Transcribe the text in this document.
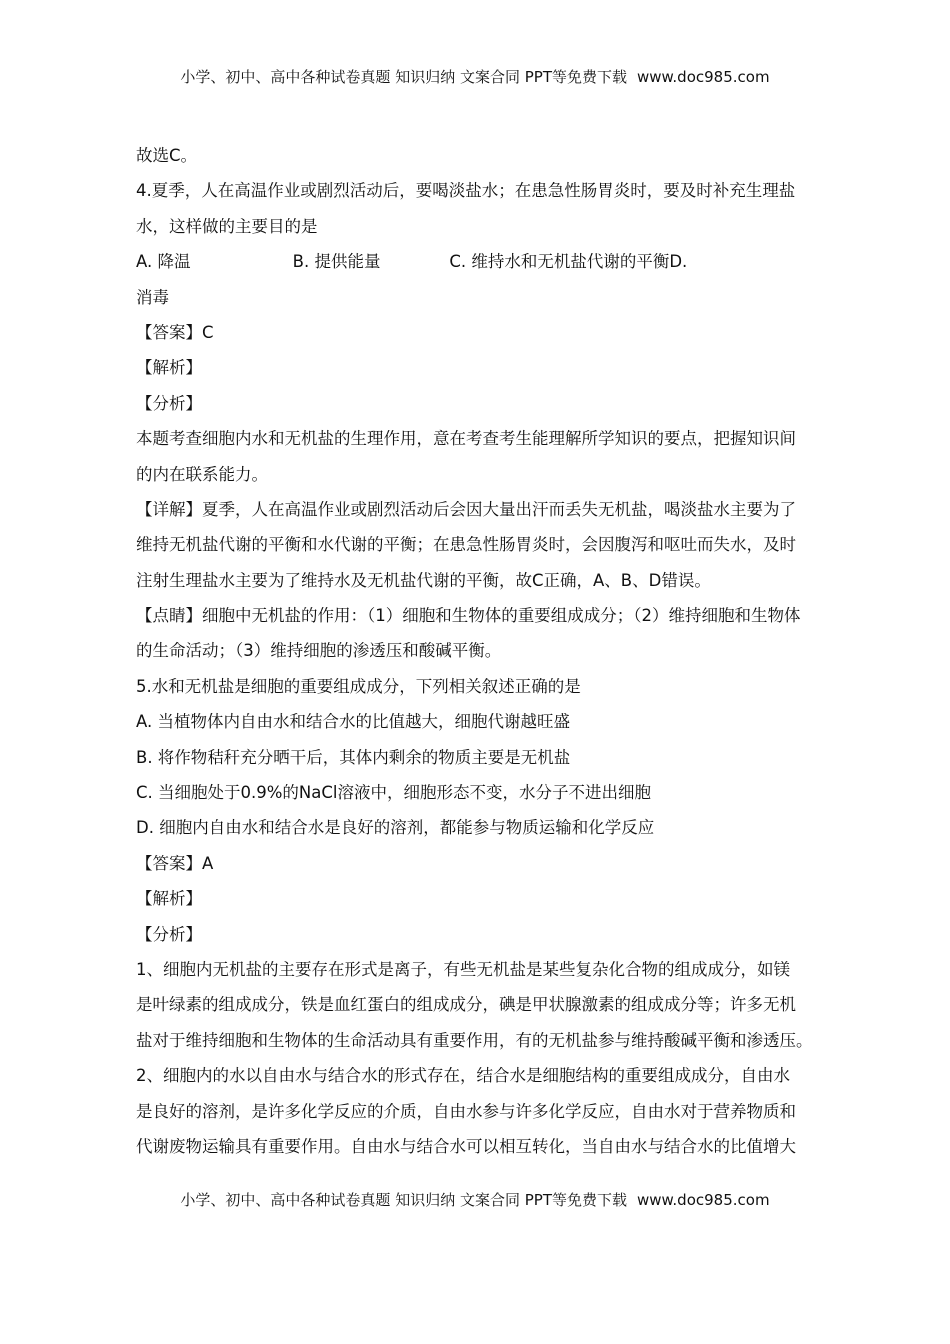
小学、初中、高中各种试卷真题 知识归纳 文案合同 PPT等免费下载 www.doc985.com
故选C。
4.夏季，人在高温作业或剧烈活动后，要喝淡盐水；在患急性肠胃炎时，要及时补充生理盐
水，这样做的主要目的是
A. 降温	B. 提供能量	C. 维持水和无机盐代谢的平衡 D.
消毒
【答案】C
【解析】
【分析】
本题考查细胞内水和无机盐的生理作用，意在考查考生能理解所学知识的要点，把握知识间
的内在联系能力。
【详解】夏季，人在高温作业或剧烈活动后会因大量出汗而丢失无机盐，喝淡盐水主要为了
维持无机盐代谢的平衡和水代谢的平衡；在患急性肠胃炎时，会因腹泻和呕吐而失水，及时
注射生理盐水主要为了维持水及无机盐代谢的平衡，故C正确，A、B、D错误。
【点睛】细胞中无机盐的作用：（1）细胞和生物体的重要组成成分；（2）维持细胞和生物体
的生命活动；（3）维持细胞的渗透压和酸碱平衡。
5.水和无机盐是细胞的重要组成成分，下列相关叙述正确的是
A. 当植物体内自由水和结合水的比值越大，细胞代谢越旺盛
B. 将作物秸秆充分晒干后，其体内剩余的物质主要是无机盐
C. 当细胞处于0.9%的NaCl溶液中，细胞形态不变，水分子不进出细胞
D. 细胞内自由水和结合水是良好的溶剂，都能参与物质运输和化学反应
【答案】A
【解析】
【分析】
1、细胞内无机盐的主要存在形式是离子，有些无机盐是某些复杂化合物的组成成分，如镁
是叶绿素的组成成分，铁是血红蛋白的组成成分，碘是甲状腺激素的组成成分等；许多无机
盐对于维持细胞和生物体的生命活动具有重要作用，有的无机盐参与维持酸碱平衡和渗透压。
2、细胞内的水以自由水与结合水的形式存在，结合水是细胞结构的重要组成成分，自由水
是良好的溶剂，是许多化学反应的介质，自由水参与许多化学反应，自由水对于营养物质和
代谢废物运输具有重要作用。自由水与结合水可以相互转化，当自由水与结合水的比值增大
小学、初中、高中各种试卷真题 知识归纳 文案合同 PPT等免费下载 www.doc985.com
